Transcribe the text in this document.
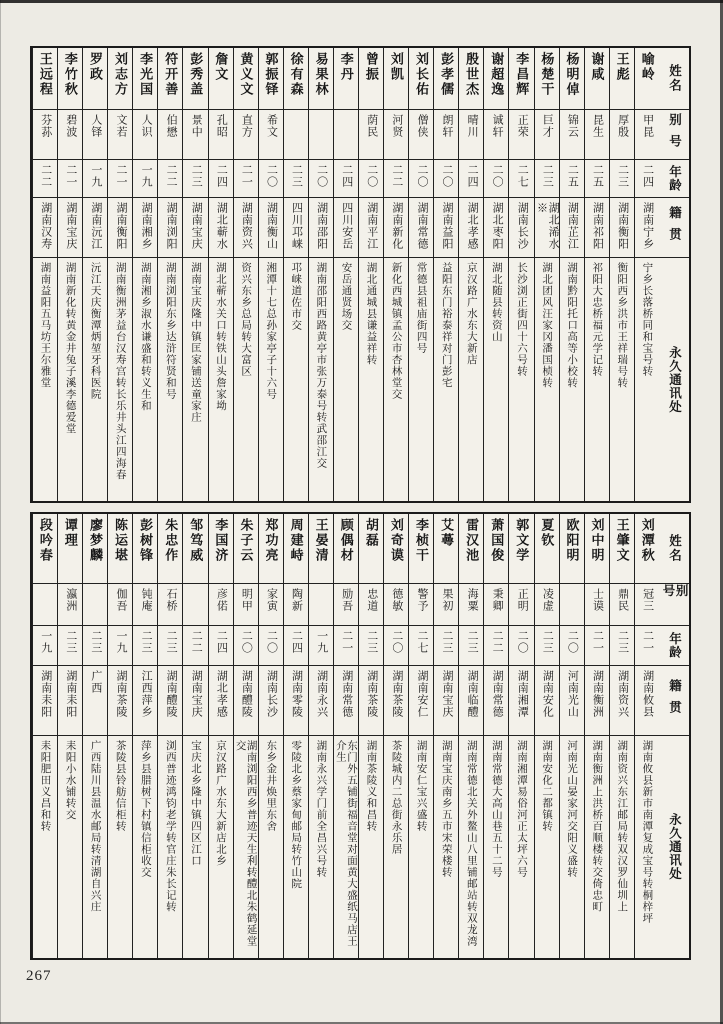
姓名
别号
年龄
籍贯
永久通讯处
喻岭
甲昆
二四
湖南宁乡
宁乡长落桥同和宝号转
王彪
厚殷
二三
湖南衡阳
衡阳西乡洪市王祥瑞号转
谢咸
昆生
二五
湖南祁阳
祁阳大忠桥福元学记转
杨明倬
锦云
二五
湖南芷江
湖南黔阳托口高等小校转
杨楚干
巨才
二三
湖北浠水※
湖北团风汪家冈潘国桢转
李昌辉
正荣
二七
湖南长沙
长沙浏正街四十六号转
谢超逸
诚轩
二〇
湖北枣阳
湖北随县转资山
殷世杰
晴川
二四
湖北孝感
京汉路广水东大新店
彭孝儒
朗轩
二〇
湖南益阳
益阳东门裕泰祥对门彭宅
刘长佑
僧侠
二〇
湖南常德
常德县祖庙街四号
刘凯
河贤
二二
湖南新化
新化西城镇孟公市杏林堂交
曾振
荫民
二〇
湖南平江
湖北通城县谦益祥转
李丹
二四
四川安岳
安岳通贤场交
易果林
二〇
湖南邵阳
湖南邵阳西路黄亭市张万泰号转武邵江交
徐有森
二三
四川邛崃
邛崃道佐市交
郭振铎
希文
二〇
湖南衡山
湘潭十七总孙家亭子十六号
黄义文
直方
二一
湖南资兴
资兴东乡总局转大富区
詹文
孔昭
二四
湖北蕲水
湖北蕲水关口转铁山头詹家坳
彭秀盖
景中
二三
湖南宝庆
湖南宝庆隆中镇匡家铺送童家庄
符开善
伯懋
二二
湖南浏阳
湖南浏阳东乡达浒符贤和号
李光国
人识
一九
湖南湘乡
湖南湘乡淑水谦盛和转义生和
刘志方
文若
二一
湖南衡阳
湖南衡洲茅益台汉寿宫转长乐井头江四海春
罗政
人铎
一九
湖南沅江
沅江天庆衡潭炳堃牙科医院
李竹秋
碧波
二一
湖南宝庆
湖南新化转黄金井兔子溪李德爱堂
王远程
芬荪
二二
湖南汉寿
湖南益阳五马坊王尔雅堂
姓名
别号
年龄
籍贯
永久通讯处
刘潭秋
冠三
二一
湖南攸县
湖南攸县新市南潭复成宝号转桐梓坪
王肇文
鼎民
二三
湖南资兴
湖南资兴东江邮局转双汉罗仙圳上
刘中明
士谟
二一
湖南衡洲
湖南衡洲上洪桥百顺楼转交倚忠町
欧阳明
二〇
河南光山
河南光山晏家河交阳义盛转
夏钦
凌虚
二三
湖南安化
湖南安化二都镇转
郭文学
正明
二〇
湖南湘潭
湖南湘潭易俗河正太坪六号
萧国俊
秉卿
二二
湖南常德
湖南常德大高山巷五十二号
雷汉池
海粟
二三
湖南临醴
湖南常德北关外鳌山八里铺邮站转双龙湾
艾蕚
果初
二三
湖南宝庆
湖南宝庆南乡五市宋荣楼转
李桢干
警予
二七
湖南安仁
湖南安仁宝兴盛转
刘奇谟
德敏
二〇
湖南茶陵
茶陵城内二总街永乐居
胡磊
忠道
二三
湖南茶陵
湖南茶陵义和昌转
顾偶材
励吾
二一
湖南常德
东门外五铺街福音堂对面黄大盛纸马店王介生
王晏清
一九
湖南永兴
湖南永兴学门前全昌兴号转
周建峙
陶新
二四
湖南零陵
零陵北乡蔡家甸邮局转竹山院
郑功亮
家寅
二〇
湖南长沙
东乡金井焕里东舍
朱子云
明甲
二〇
湖南醴陵
湖南浏阳西乡普迹天生利转醴北朱鹤延堂交
李国济
彦偌
二四
湖北孝感
京汉路广水东大新店北乡
邹笃威
二二
湖南宝庆
宝庆北乡隆中镇四区江口
朱忠作
石桥
二三
湖南醴陵
浏西普迹鸿钧老学转官庄朱长记转
彭树锋
钝庵
二三
江西萍乡
萍乡县腊树下村镇信柜收交
陈运堪
伽吾
一九
湖南茶陵
茶陵县铃舫信柜转
廖梦麟
二三
广西
广西陆川县温水邮局转清湖自兴庄
谭理
瀛洲
二三
湖南耒阳
耒阳小水铺转交
段吟春
一九
湖南耒阳
耒阳肥田义昌和转
267
